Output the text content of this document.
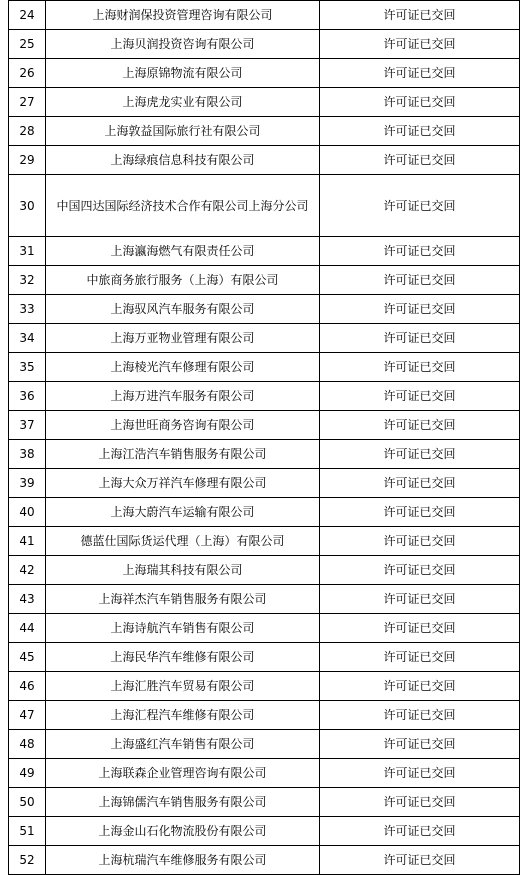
24	上海财润保投资管理咨询有限公司	许可证已交回
25	上海贝润投资咨询有限公司	许可证已交回
26	上海原锦物流有限公司	许可证已交回
27	上海虎龙实业有限公司	许可证已交回
28	上海敦益国际旅行社有限公司	许可证已交回
29	上海绿痕信息科技有限公司	许可证已交回
30	中国四达国际经济技术合作有限公司上海分公司	许可证已交回
31	上海瀛海燃气有限责任公司	许可证已交回
32	中旅商务旅行服务（上海）有限公司	许可证已交回
33	上海驭风汽车服务有限公司	许可证已交回
34	上海万亚物业管理有限公司	许可证已交回
35	上海棱光汽车修理有限公司	许可证已交回
36	上海万进汽车服务有限公司	许可证已交回
37	上海世旺商务咨询有限公司	许可证已交回
38	上海江浩汽车销售服务有限公司	许可证已交回
39	上海大众万祥汽车修理有限公司	许可证已交回
40	上海大蔚汽车运输有限公司	许可证已交回
41	德蓝仕国际货运代理（上海）有限公司	许可证已交回
42	上海瑞其科技有限公司	许可证已交回
43	上海祥杰汽车销售服务有限公司	许可证已交回
44	上海诗航汽车销售有限公司	许可证已交回
45	上海民华汽车维修有限公司	许可证已交回
46	上海汇胜汽车贸易有限公司	许可证已交回
47	上海汇程汽车维修有限公司	许可证已交回
48	上海盛红汽车销售有限公司	许可证已交回
49	上海联森企业管理咨询有限公司	许可证已交回
50	上海锦儒汽车销售服务有限公司	许可证已交回
51	上海金山石化物流股份有限公司	许可证已交回
52	上海杭瑞汽车维修服务有限公司	许可证已交回
